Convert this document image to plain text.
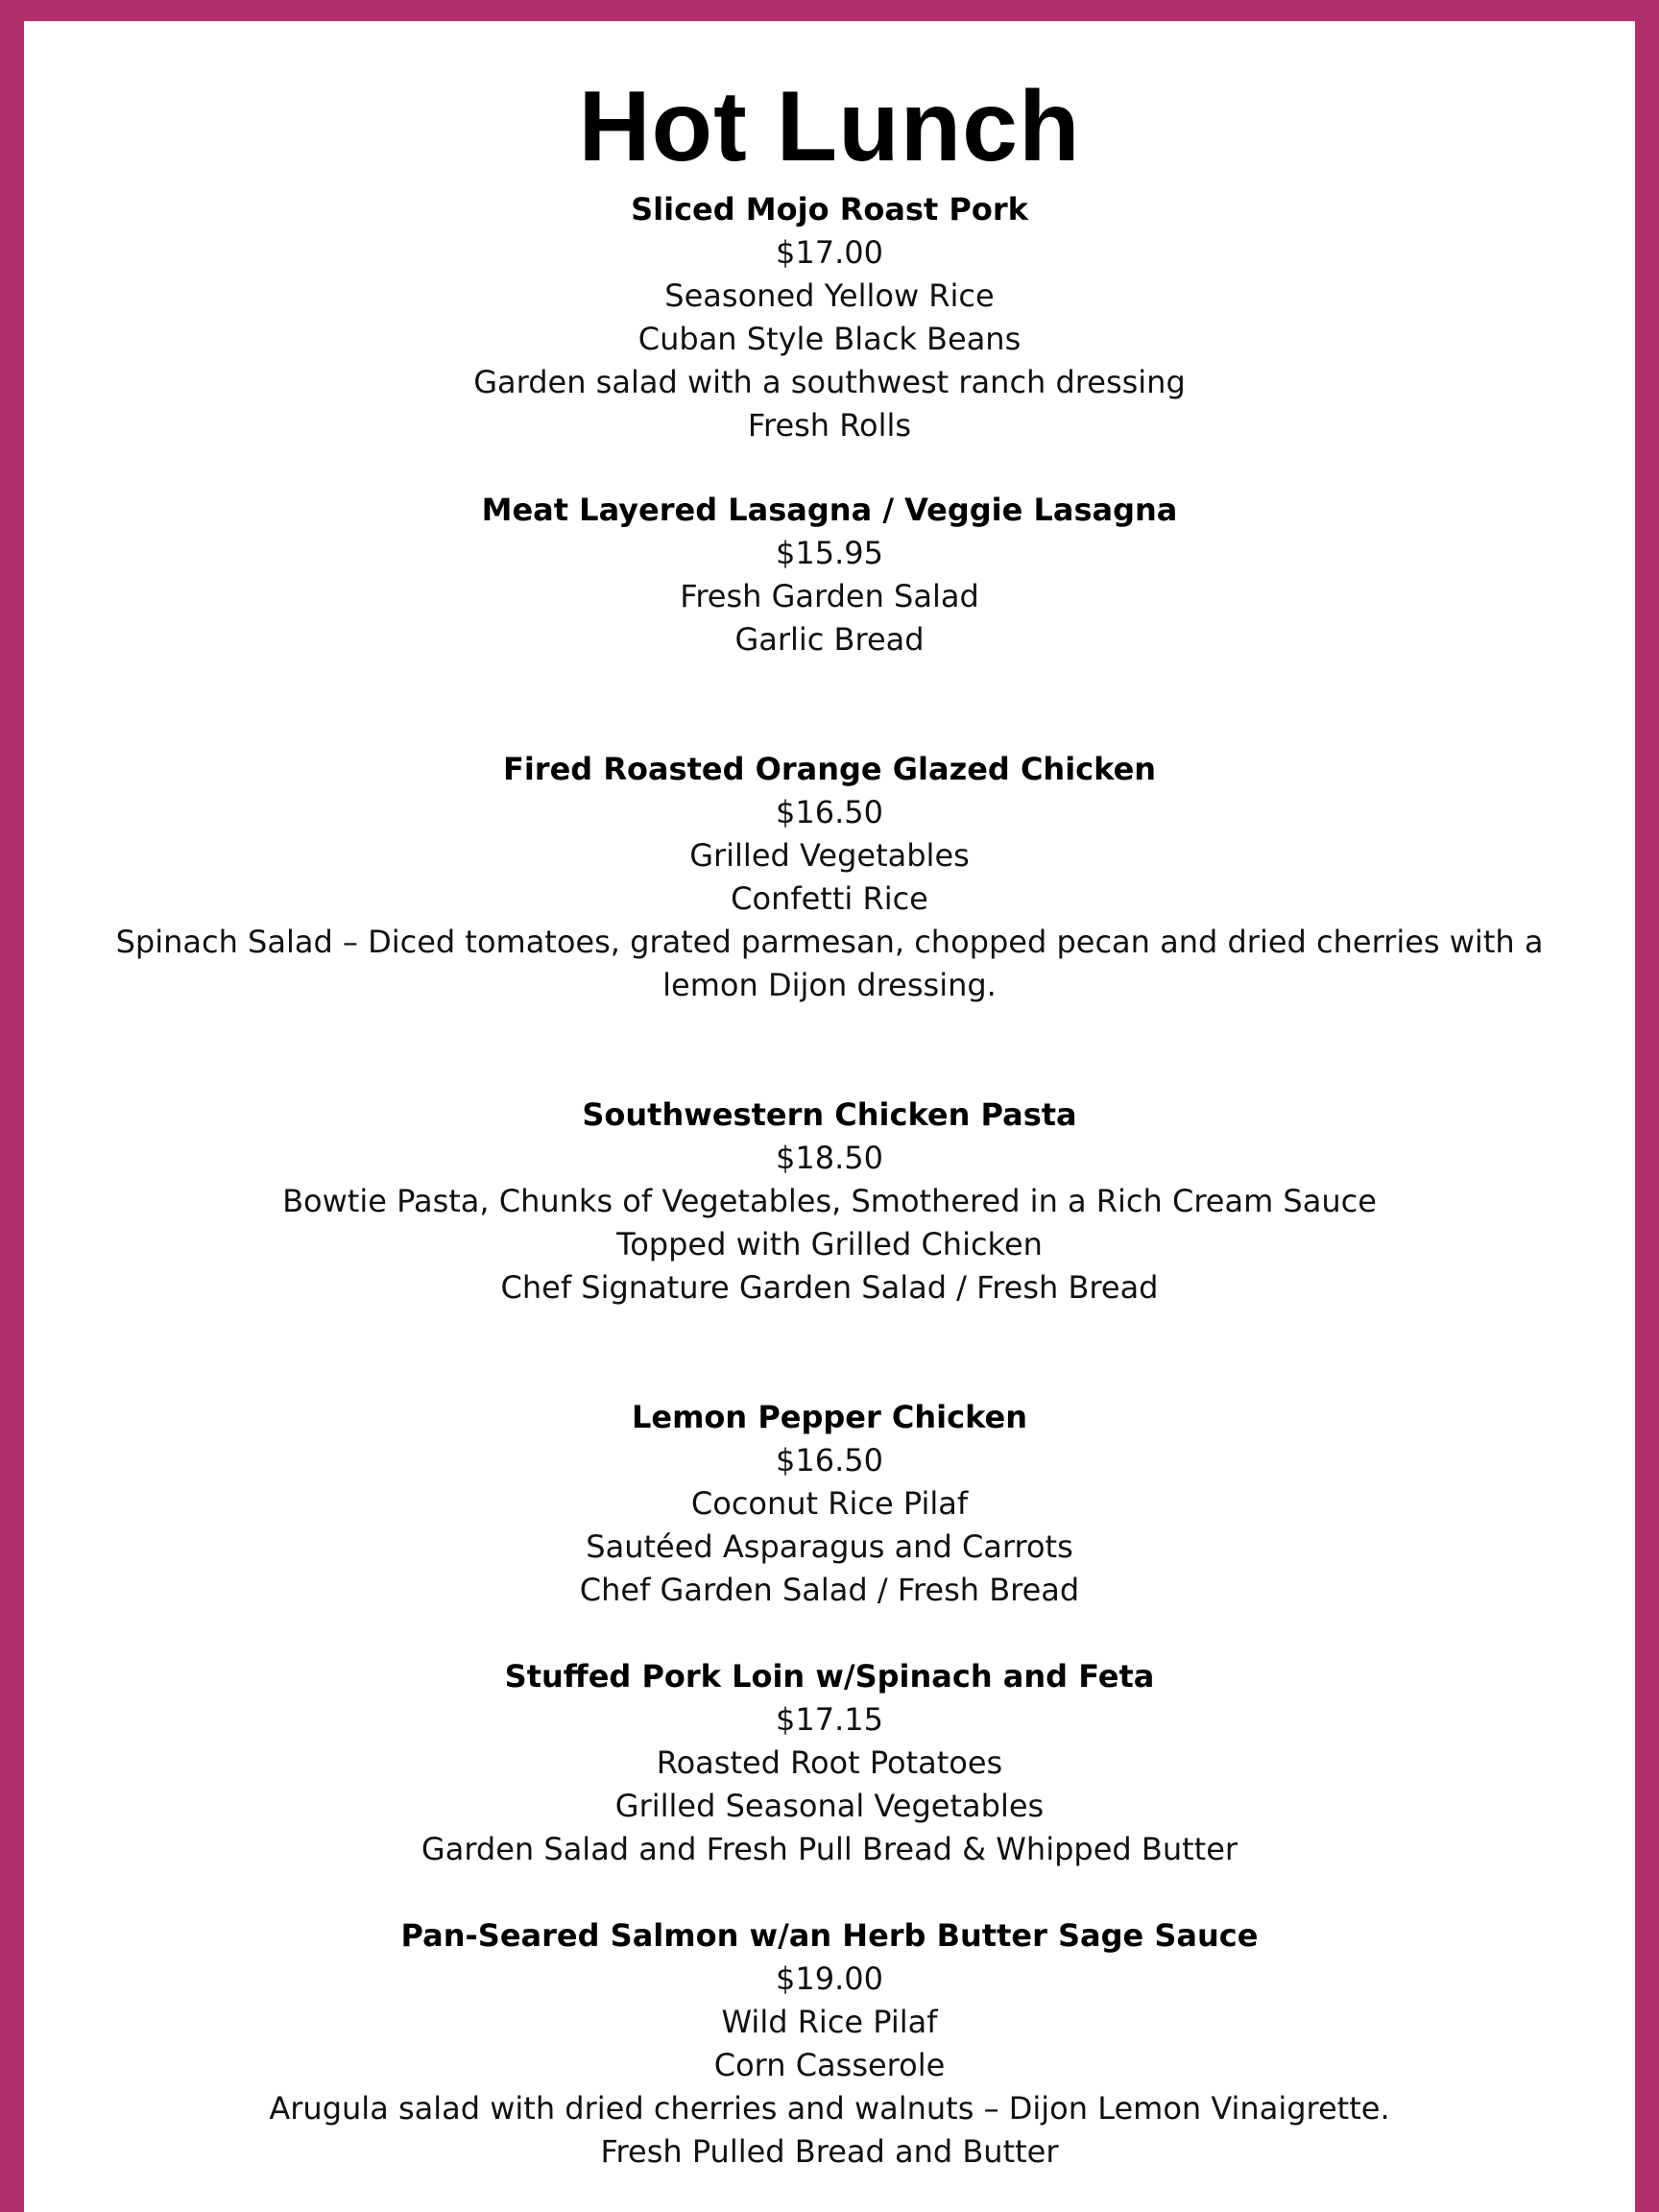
Hot Lunch
Sliced Mojo Roast Pork
$17.00
Seasoned Yellow Rice
Cuban Style Black Beans
Garden salad with a southwest ranch dressing
Fresh Rolls
Meat Layered Lasagna / Veggie Lasagna
$15.95
Fresh Garden Salad
Garlic Bread
Fired Roasted Orange Glazed Chicken
$16.50
Grilled Vegetables
Confetti Rice
Spinach Salad – Diced tomatoes, grated parmesan, chopped pecan and dried cherries with a lemon Dijon dressing.
Southwestern Chicken Pasta
$18.50
Bowtie Pasta, Chunks of Vegetables, Smothered in a Rich Cream Sauce
Topped with Grilled Chicken
Chef Signature Garden Salad / Fresh Bread
Lemon Pepper Chicken
$16.50
Coconut Rice Pilaf
Sautéed Asparagus and Carrots
Chef Garden Salad / Fresh Bread
Stuffed Pork Loin w/Spinach and Feta
$17.15
Roasted Root Potatoes
Grilled Seasonal Vegetables
Garden Salad and Fresh Pull Bread & Whipped Butter
Pan-Seared Salmon w/an Herb Butter Sage Sauce
$19.00
Wild Rice Pilaf
Corn Casserole
Arugula salad with dried cherries and walnuts – Dijon Lemon Vinaigrette.
Fresh Pulled Bread and Butter
